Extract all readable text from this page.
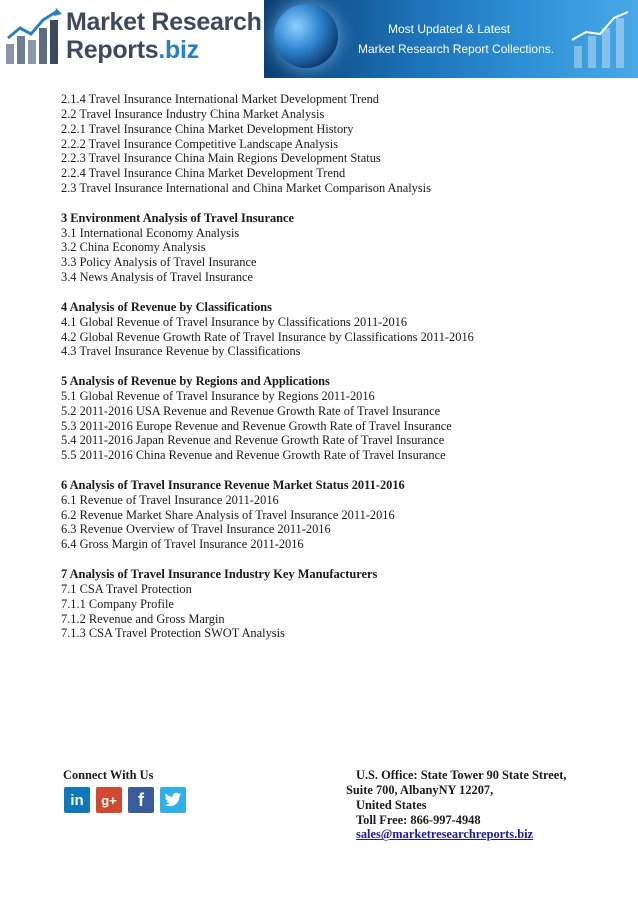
Market Research
Reports.biz
Most Updated & Latest
Market Research Report Collections.
2.1.4 Travel Insurance International Market Development Trend
2.2 Travel Insurance Industry China Market Analysis
2.2.1 Travel Insurance China Market Development History
2.2.2 Travel Insurance Competitive Landscape Analysis
2.2.3 Travel Insurance China Main Regions Development Status
2.2.4 Travel Insurance China Market Development Trend
2.3 Travel Insurance International and China Market Comparison Analysis
3 Environment Analysis of Travel Insurance
3.1 International Economy Analysis
3.2 China Economy Analysis
3.3 Policy Analysis of Travel Insurance
3.4 News Analysis of Travel Insurance
4 Analysis of Revenue by Classifications
4.1 Global Revenue of Travel Insurance by Classifications 2011-2016
4.2 Global Revenue Growth Rate of Travel Insurance by Classifications 2011-2016
4.3 Travel Insurance Revenue by Classifications
5 Analysis of Revenue by Regions and Applications
5.1 Global Revenue of Travel Insurance by Regions 2011-2016
5.2 2011-2016 USA Revenue and Revenue Growth Rate of Travel Insurance
5.3 2011-2016 Europe Revenue and Revenue Growth Rate of Travel Insurance
5.4 2011-2016 Japan Revenue and Revenue Growth Rate of Travel Insurance
5.5 2011-2016 China Revenue and Revenue Growth Rate of Travel Insurance
6 Analysis of Travel Insurance Revenue Market Status 2011-2016
6.1 Revenue of Travel Insurance 2011-2016
6.2 Revenue Market Share Analysis of Travel Insurance 2011-2016
6.3 Revenue Overview of Travel Insurance 2011-2016
6.4 Gross Margin of Travel Insurance 2011-2016
7 Analysis of Travel Insurance Industry Key Manufacturers
7.1 CSA Travel Protection
7.1.1 Company Profile
7.1.2 Revenue and Gross Margin
7.1.3 CSA Travel Protection SWOT Analysis
Connect With Us
in	g+	f
U.S. Office: State Tower 90 State Street,
Suite 700, AlbanyNY 12207,
United States
Toll Free: 866-997-4948
sales@marketresearchreports.biz
